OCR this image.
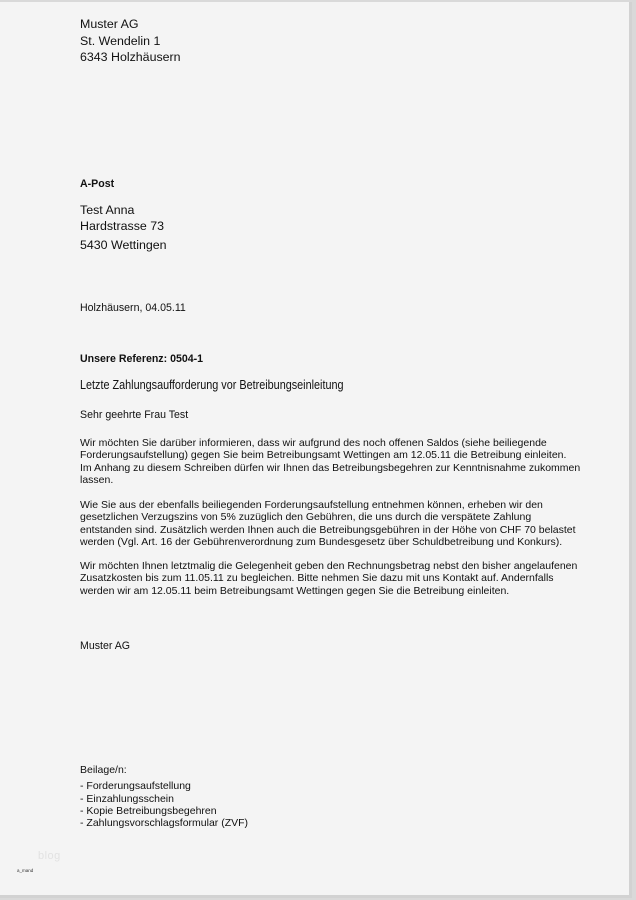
Muster AG
St. Wendelin 1
6343 Holzhäusern
A-Post
Test Anna
Hardstrasse 73
5430 Wettingen
Holzhäusern, 04.05.11
Unsere Referenz: 0504-1
Letzte Zahlungsaufforderung vor Betreibungseinleitung
Sehr geehrte Frau Test
Wir möchten Sie darüber informieren, dass wir aufgrund des noch offenen Saldos (siehe beiliegende
Forderungsaufstellung) gegen Sie beim Betreibungsamt Wettingen am 12.05.11 die Betreibung einleiten.
Im Anhang zu diesem Schreiben dürfen wir Ihnen das Betreibungsbegehren zur Kenntnisnahme zukommen
lassen.
Wie Sie aus der ebenfalls beiliegenden Forderungsaufstellung entnehmen können, erheben wir den
gesetzlichen Verzugszins von 5% zuzüglich den Gebühren, die uns durch die verspätete Zahlung
entstanden sind. Zusätzlich werden Ihnen auch die Betreibungsgebühren in der Höhe von CHF 70 belastet
werden (Vgl. Art. 16 der Gebührenverordnung zum Bundesgesetz über Schuldbetreibung und Konkurs).
Wir möchten Ihnen letztmalig die Gelegenheit geben den Rechnungsbetrag nebst den bisher angelaufenen
Zusatzkosten bis zum 11.05.11 zu begleichen. Bitte nehmen Sie dazu mit uns Kontakt auf. Andernfalls
werden wir am 12.05.11 beim Betreibungsamt Wettingen gegen Sie die Betreibung einleiten.
Muster AG
Beilage/n:
- Forderungsaufstellung
- Einzahlungsschein
- Kopie Betreibungsbegehren
- Zahlungsvorschlagsformular (ZVF)
blog
a_mand
